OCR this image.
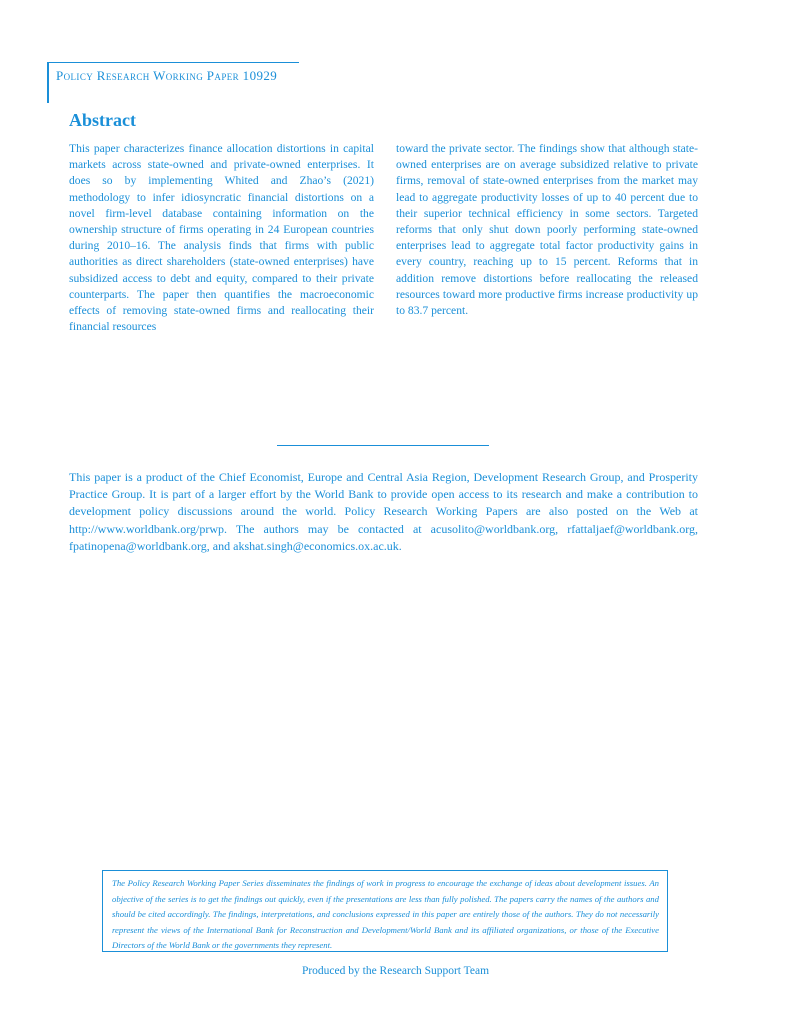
Policy Research Working Paper 10929
Abstract
This paper characterizes finance allocation distortions in capital markets across state-owned and private-owned enterprises. It does so by implementing Whited and Zhao’s (2021) methodology to infer idiosyncratic financial distortions on a novel firm-level database containing information on the ownership structure of firms operating in 24 European countries during 2010–16. The analysis finds that firms with public authorities as direct shareholders (state-owned enterprises) have subsidized access to debt and equity, compared to their private counterparts. The paper then quantifies the macroeconomic effects of removing state-owned firms and reallocating their financial resources
toward the private sector. The findings show that although state-owned enterprises are on average subsidized relative to private firms, removal of state-owned enterprises from the market may lead to aggregate productivity losses of up to 40 percent due to their superior technical efficiency in some sectors. Targeted reforms that only shut down poorly performing state-owned enterprises lead to aggregate total factor productivity gains in every country, reaching up to 15 percent. Reforms that in addition remove distortions before reallocating the released resources toward more productive firms increase productivity up to 83.7 percent.
This paper is a product of the Chief Economist, Europe and Central Asia Region, Development Research Group, and Prosperity Practice Group. It is part of a larger effort by the World Bank to provide open access to its research and make a contribution to development policy discussions around the world. Policy Research Working Papers are also posted on the Web at http://www.worldbank.org/prwp. The authors may be contacted at acusolito@worldbank.org, rfattaljaef@worldbank.org, fpatinopena@worldbank.org, and akshat.singh@economics.ox.ac.uk.
The Policy Research Working Paper Series disseminates the findings of work in progress to encourage the exchange of ideas about development issues. An objective of the series is to get the findings out quickly, even if the presentations are less than fully polished. The papers carry the names of the authors and should be cited accordingly. The findings, interpretations, and conclusions expressed in this paper are entirely those of the authors. They do not necessarily represent the views of the International Bank for Reconstruction and Development/World Bank and its affiliated organizations, or those of the Executive Directors of the World Bank or the governments they represent.
Produced by the Research Support Team
